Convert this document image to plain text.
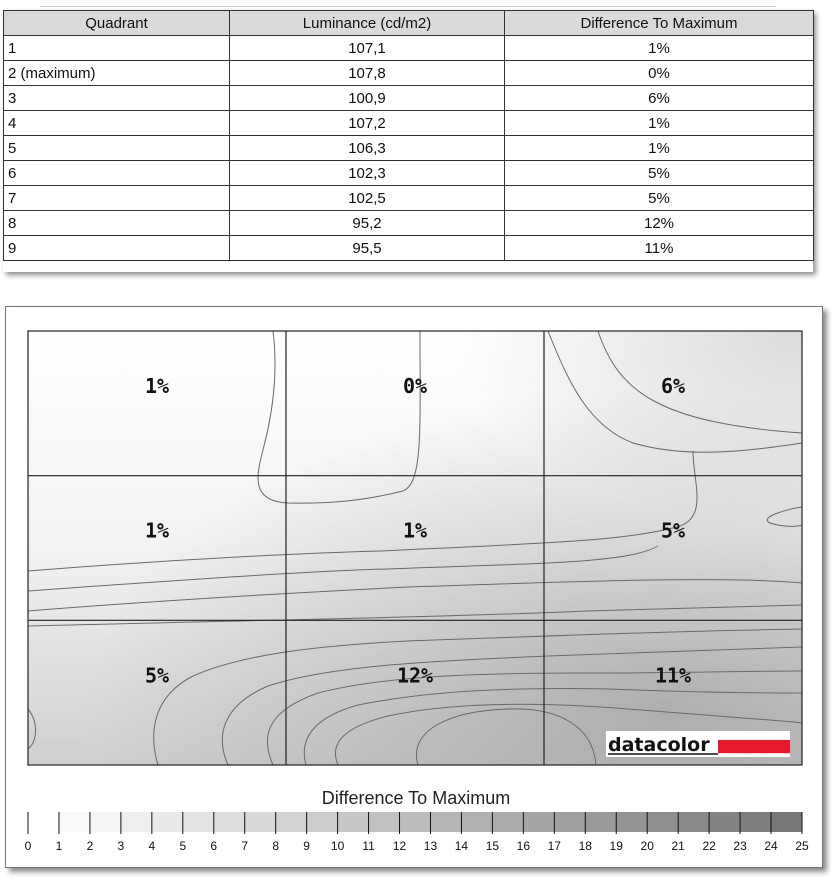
Quadrant	Luminance (cd/m2)	Difference To Maximum
1	107,1	1%
2 (maximum)	107,8	0%
3	100,9	6%
4	107,2	1%
5	106,3	1%
6	102,3	5%
7	102,5	5%
8	95,2	12%
9	95,5	11%
1%	0%	6%
1%	1%	5%
5%	12%	11%
datacolor
Difference To Maximum
0 1 2 3 4 5 6 7 8 9 10 11 12 13 14 15 16 17 18 19 20 21 22 23 24 25
